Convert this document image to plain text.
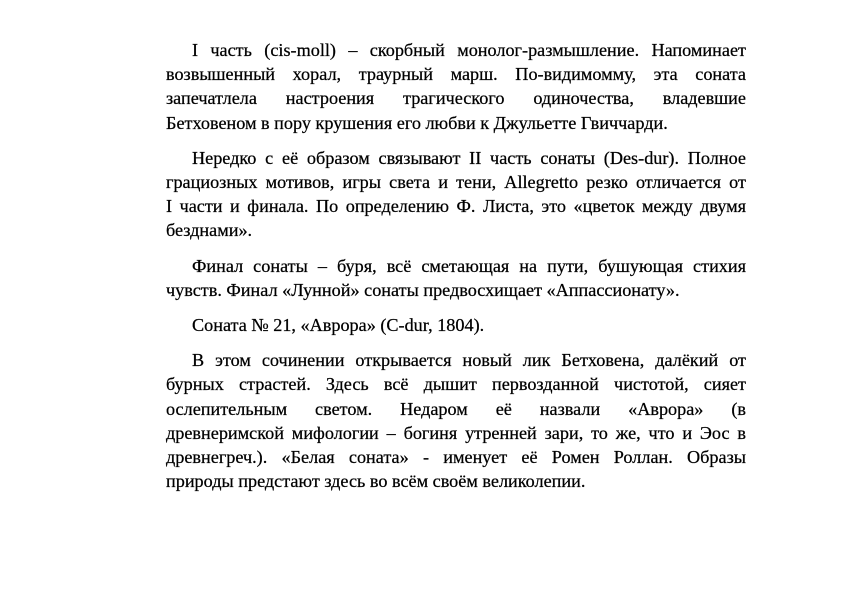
I часть (cis-moll) – скорбный монолог-размышление. Напоминает
возвышенный хорал, траурный марш. По-видимомму, эта соната
запечатлела настроения трагического одиночества, владевшие
Бетховеном в пору крушения его любви к Джульетте Гвиччарди.
Нередко с её образом связывают II часть сонаты (Des-dur). Полное
грациозных мотивов, игры света и тени, Allegretto резко отличается от
I части и финала. По определению Ф. Листа, это «цветок между двумя
безднами».
Финал сонаты – буря, всё сметающая на пути, бушующая стихия
чувств. Финал «Лунной» сонаты предвосхищает «Аппассионату».
Соната № 21, «Аврора» (C-dur, 1804).
В этом сочинении открывается новый лик Бетховена, далёкий от
бурных страстей. Здесь всё дышит первозданной чистотой, сияет
ослепительным светом. Недаром её назвали «Аврора» (в
древнеримской мифологии – богиня утренней зари, то же, что и Эос в
древнегреч.). «Белая соната» - именует её Ромен Роллан. Образы
природы предстают здесь во всём своём великолепии.
